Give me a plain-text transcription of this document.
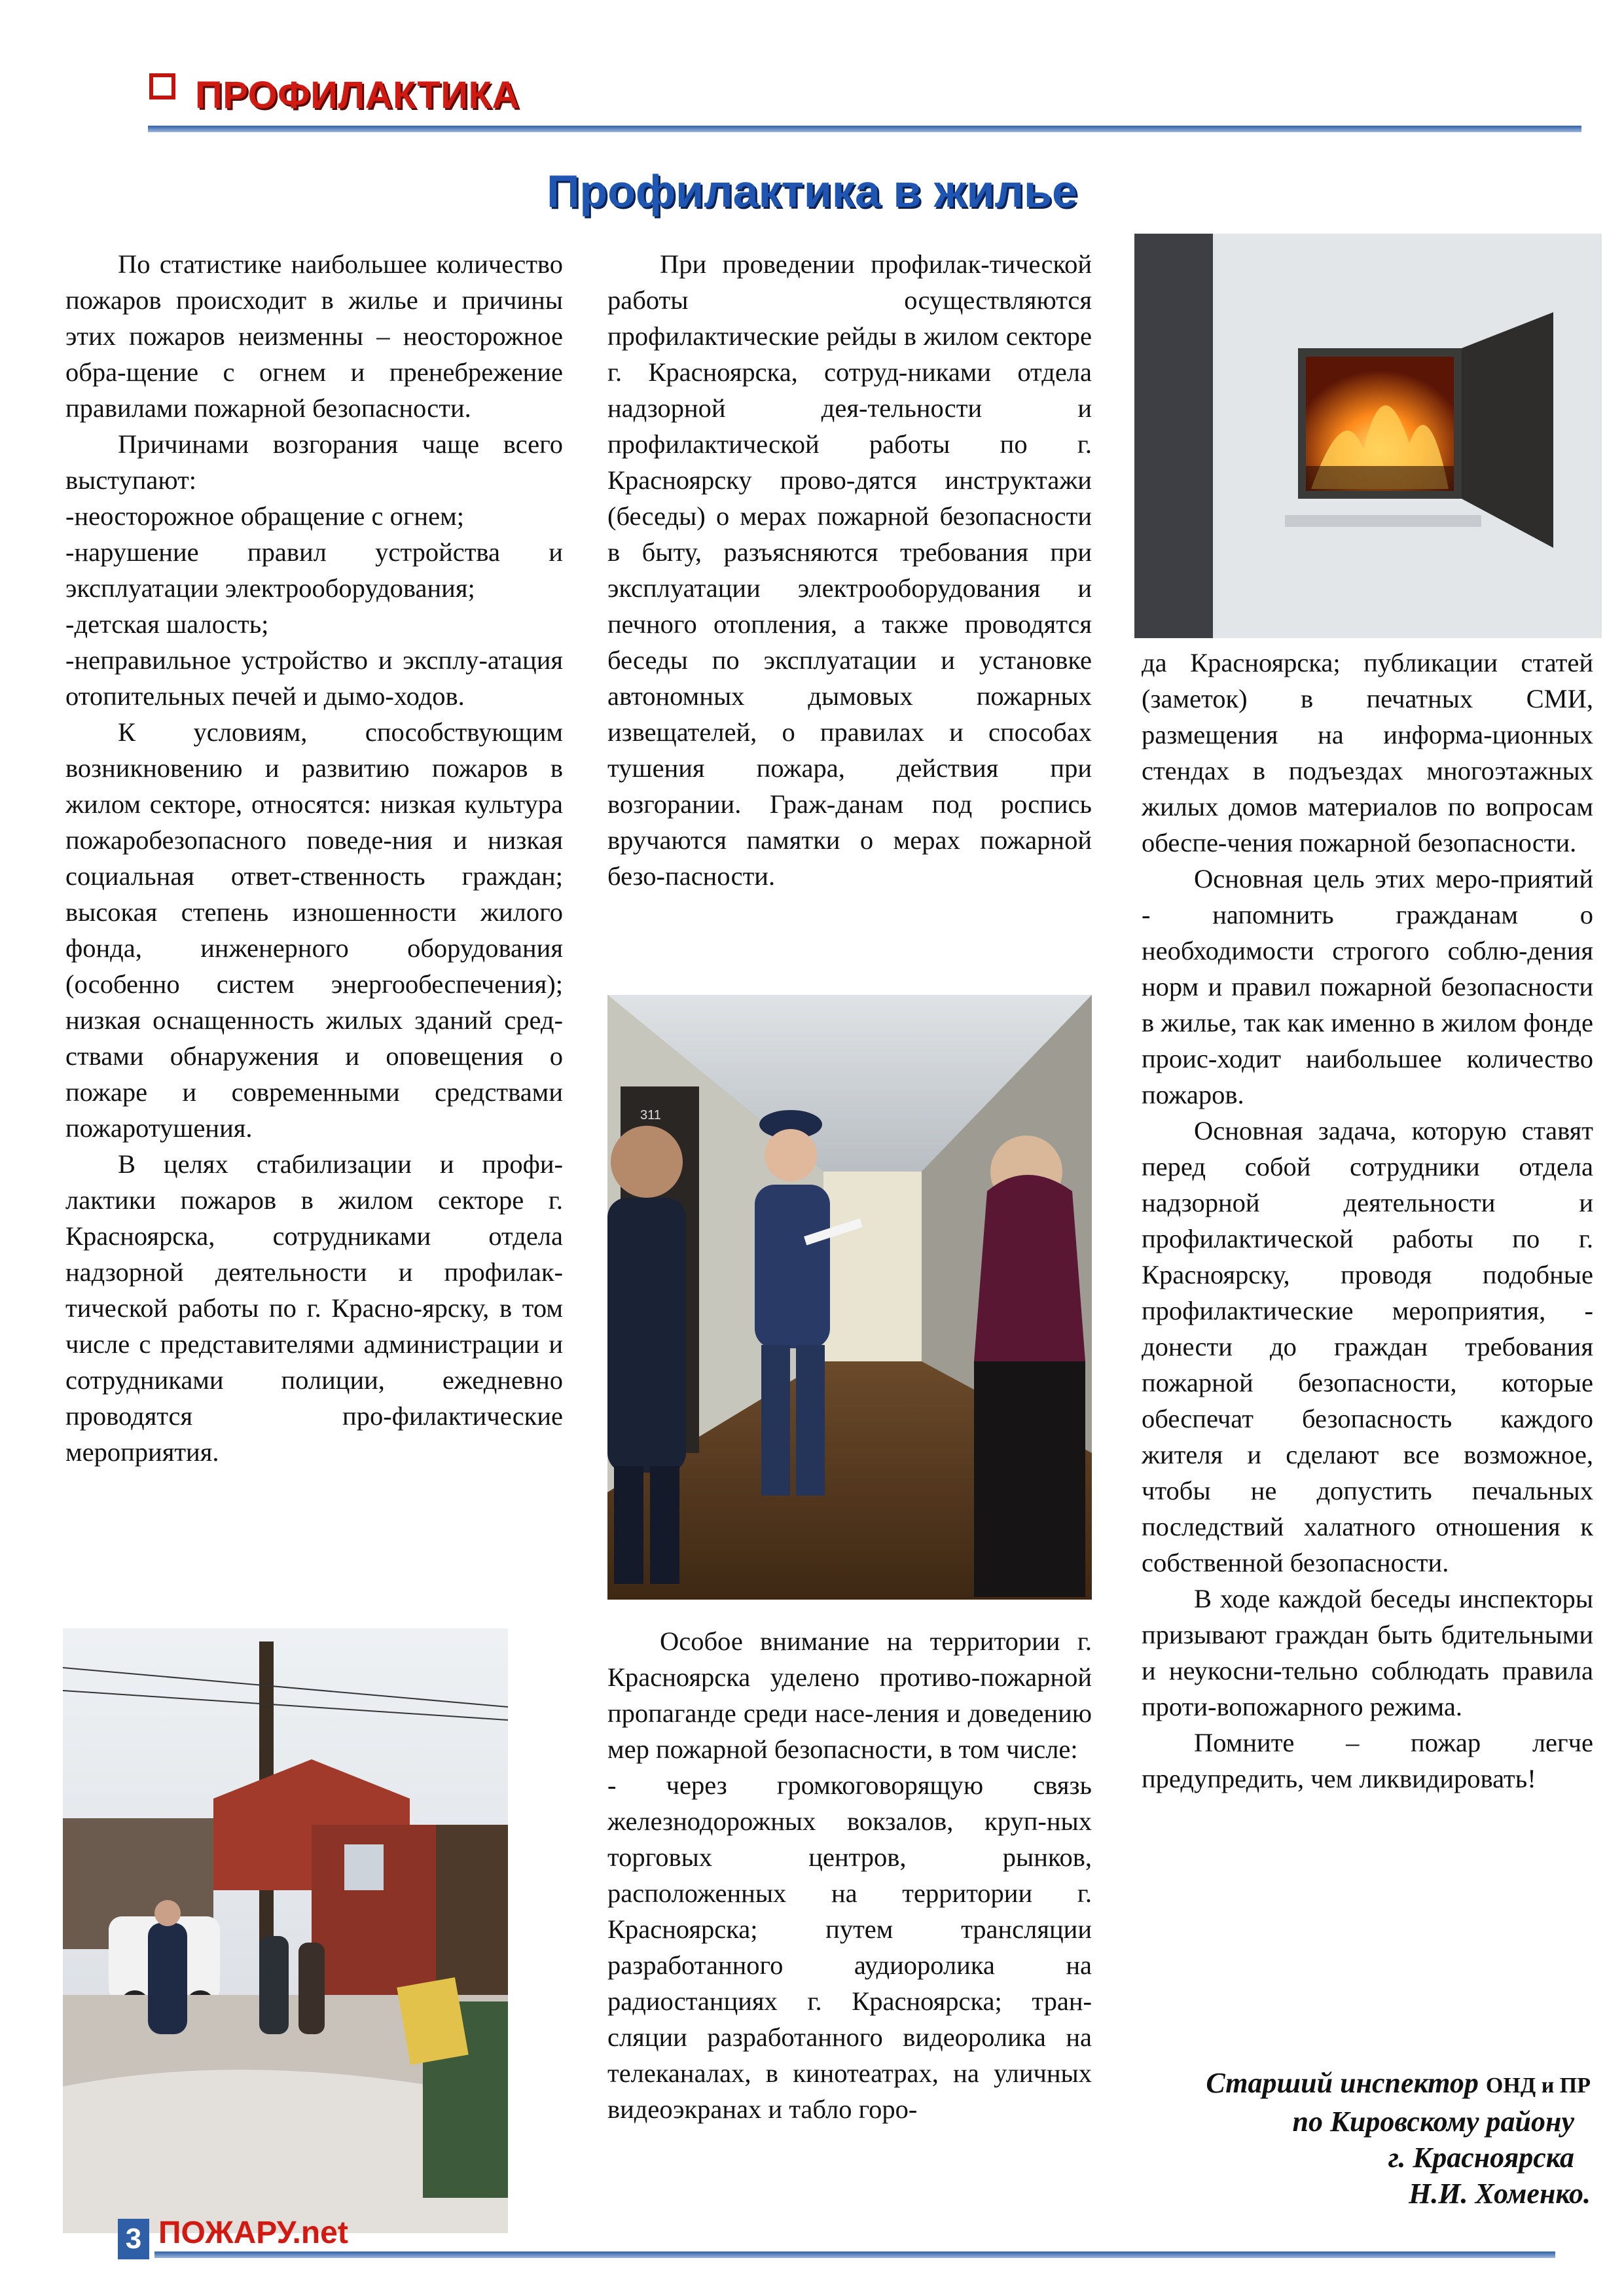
ПРОФИЛАКТИКА
Профилактика в жилье

По статистике наибольшее количество пожаров происходит в жилье и причины этих пожаров неизменны – неосторожное обра-щение с огнем и пренебрежение правилами пожарной безопасности.

Причинами возгорания чаще всего выступают:

-неосторожное обращение с огнем;

-нарушение правил устройства и эксплуатации электрооборудования;

-детская шалость;

-неправильное устройство и эксплу-атация отопительных печей и дымо-ходов.

К условиям, способствующим возникновению и развитию пожаров в жилом секторе, относятся: низкая культура пожаробезопасного поведе-ния и низкая социальная ответ-ственность граждан; высокая степень изношенности жилого фонда, инженерного оборудования (особенно систем энергообеспечения); низкая оснащенность жилых зданий сред-ствами обнаружения и оповещения о пожаре и современными средствами пожаротушения.

В целях стабилизации и профи-лактики пожаров в жилом секторе г. Красноярска, сотрудниками отдела надзорной деятельности и профилак-тической работы по г. Красно-ярску, в том числе с представителями администрации и сотрудниками полиции, ежедневно проводятся про-филактические мероприятия.

При проведении профилак-тической работы осуществляются профилактические рейды в жилом секторе г. Красноярска, сотруд-никами отдела надзорной дея-тельности и профилактической работы по г. Красноярску прово-дятся инструктажи (беседы) о мерах пожарной безопасности в быту, разъясняются требования при эксплуатации электрооборудования и печного отопления, а также проводятся беседы по эксплуатации и установке автономных дымовых пожарных извещателей, о правилах и способах тушения пожара, действия при возгорании. Граж-данам под роспись вручаются памятки о мерах пожарной безо-пасности.

311

Особое внимание на территории г. Красноярска уделено противо-пожарной пропаганде среди насе-ления и доведению мер пожарной безопасности, в том числе:

- через громкоговорящую связь железнодорожных вокзалов, круп-ных торговых центров, рынков, расположенных на территории г. Красноярска; путем трансляции разработанного аудиоролика на радиостанциях г. Красноярска; тран-сляции разработанного видеоролика на телеканалах, в кинотеатрах, на уличных видеоэкранах и табло горо-

да Красноярска; публикации статей (заметок) в печатных СМИ, размещения на информа-ционных стендах в подъездах многоэтажных жилых домов материалов по вопросам обеспе-чения пожарной безопасности.

Основная цель этих меро-приятий - напомнить гражданам о необходимости строгого соблю-дения норм и правил пожарной безопасности в жилье, так как именно в жилом фонде проис-ходит наибольшее количество пожаров.

Основная задача, которую ставят перед собой сотрудники отдела надзорной деятельности и профилактической работы по г. Красноярску, проводя подобные профилактические мероприятия, - донести до граждан требования пожарной безопасности, которые обеспечат безопасность каждого жителя и сделают все возможное, чтобы не допустить печальных последствий халатного отношения к собственной безопасности.

В ходе каждой беседы инспекторы призывают граждан быть бдительными и неукосни-тельно соблюдать правила проти-вопожарного режима.

Помните – пожар легче предупредить, чем ликвидировать!

Старший инспектор ОНД и ПР
по Кировскому району
г. Красноярска
Н.И. Хоменко.
3 ПОЖАРУ.net
